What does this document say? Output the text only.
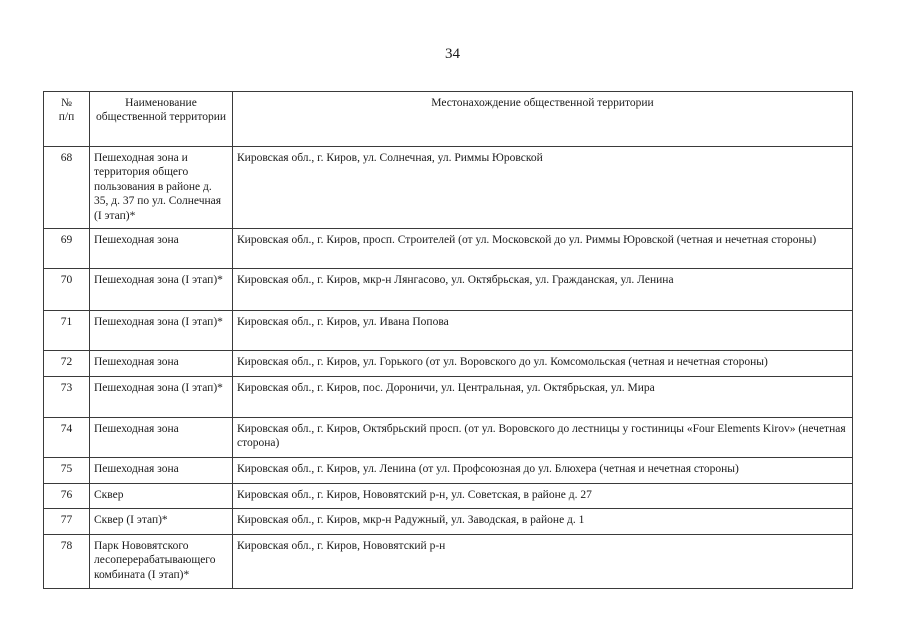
34
№
п/п	Наименование общественной территории	Местонахождение общественной территории
68	Пешеходная зона и территория общего пользования в районе д. 35, д. 37 по ул. Солнечная (I этап)*	Кировская обл., г. Киров, ул. Солнечная, ул. Риммы Юровской
69	Пешеходная зона	Кировская обл., г. Киров, просп. Строителей (от ул. Московской до ул. Риммы Юровской (четная и нечетная стороны)
70	Пешеходная зона (I этап)*	Кировская обл., г. Киров, мкр-н Лянгасово, ул. Октябрьская, ул. Гражданская, ул. Ленина
71	Пешеходная зона (I этап)*	Кировская обл., г. Киров, ул. Ивана Попова
72	Пешеходная зона	Кировская обл., г. Киров, ул. Горького (от ул. Воровского до ул. Комсомольская (четная и нечетная стороны)
73	Пешеходная зона (I этап)*	Кировская обл., г. Киров, пос. Дороничи, ул. Центральная, ул. Октябрьская, ул. Мира
74	Пешеходная зона	Кировская обл., г. Киров, Октябрьский просп. (от ул. Воровского до лестницы у гостиницы «Four Elements Kirov» (нечетная сторона)
75	Пешеходная зона	Кировская обл., г. Киров, ул. Ленина (от ул. Профсоюзная до ул. Блюхера (четная и нечетная стороны)
76	Сквер	Кировская обл., г. Киров, Нововятский р-н, ул. Советская, в районе д. 27
77	Сквер (I этап)*	Кировская обл., г. Киров, мкр-н Радужный, ул. Заводская, в районе д. 1
78	Парк Нововятского лесоперерабатывающего комбината (I этап)*	Кировская обл., г. Киров, Нововятский р-н
